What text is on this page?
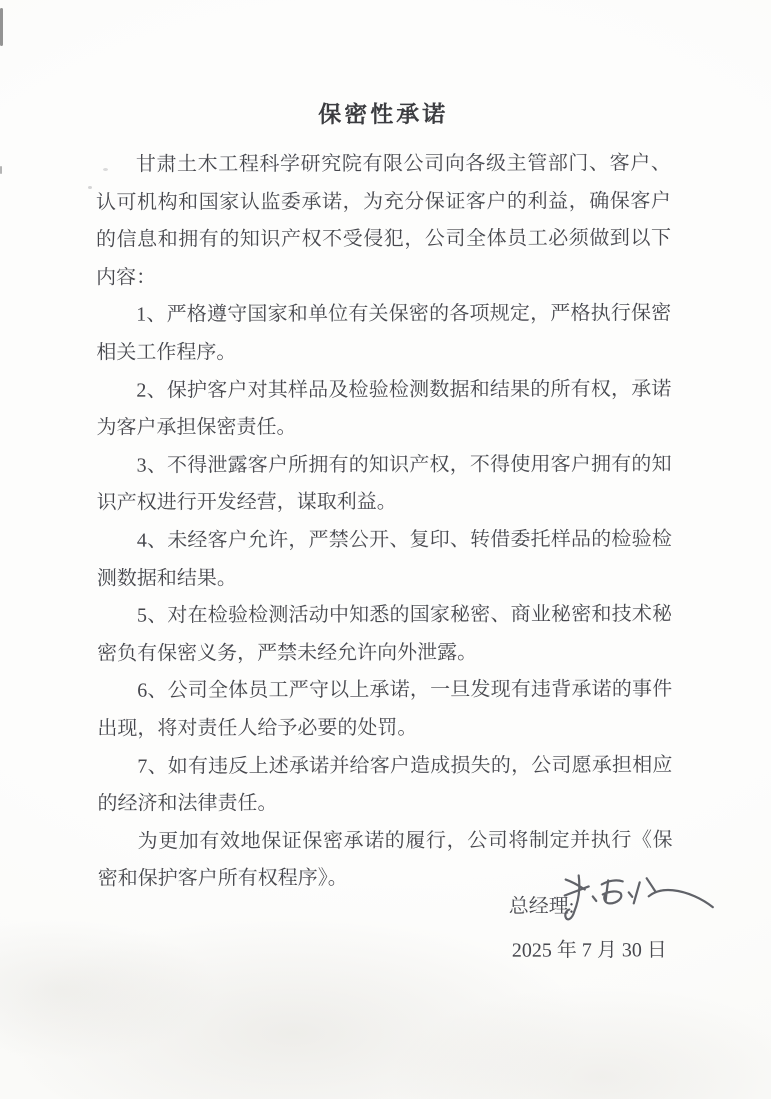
保密性承诺

甘肃土木工程科学研究院有限公司向各级主管部门、客户、认可机构和国家认监委承诺，为充分保证客户的利益，确保客户的信息和拥有的知识产权不受侵犯，公司全体员工必须做到以下内容：

1、严格遵守国家和单位有关保密的各项规定，严格执行保密相关工作程序。

2、保护客户对其样品及检验检测数据和结果的所有权，承诺为客户承担保密责任。

3、不得泄露客户所拥有的知识产权，不得使用客户拥有的知识产权进行开发经营，谋取利益。

4、未经客户允许，严禁公开、复印、转借委托样品的检验检测数据和结果。

5、对在检验检测活动中知悉的国家秘密、商业秘密和技术秘密负有保密义务，严禁未经允许向外泄露。

6、公司全体员工严守以上承诺，一旦发现有违背承诺的事件出现，将对责任人给予必要的处罚。

7、如有违反上述承诺并给客户造成损失的，公司愿承担相应的经济和法律责任。

为更加有效地保证保密承诺的履行，公司将制定并执行《保密和保护客户所有权程序》。

总经理:
2025 年 7 月 30 日
